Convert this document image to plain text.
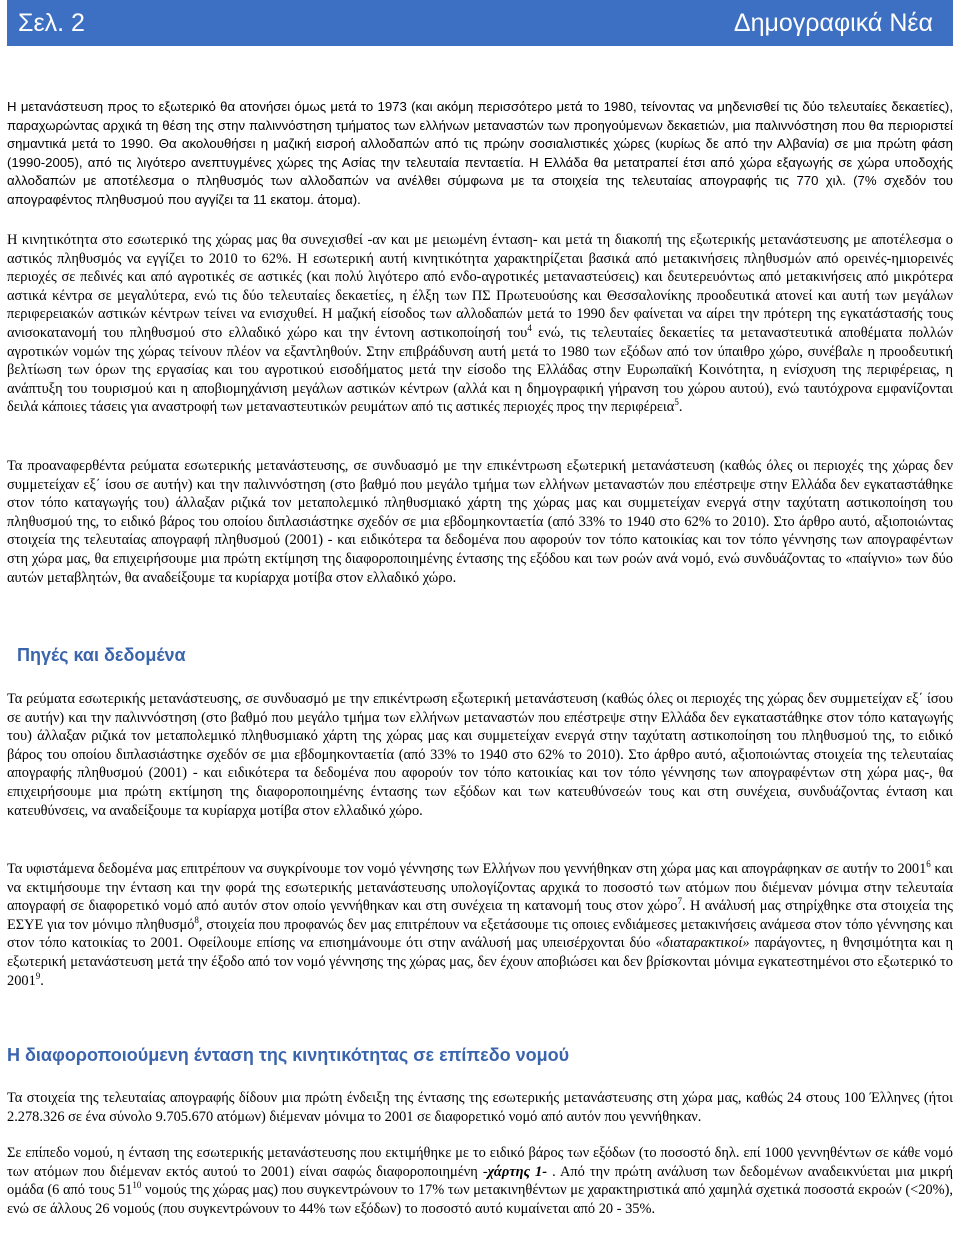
Σελ. 2	Δημογραφικά Νέα

Η μετανάστευση προς το εξωτερικό θα ατονήσει όμως μετά το 1973 (και ακόμη περισσότερο μετά το 1980, τείνοντας να μηδενισθεί τις δύο τελευταίες δεκαετίες), παραχωρώντας αρχικά τη θέση της στην παλιννόστηση τμήματος των ελλήνων μεταναστών των προηγούμενων δεκαετιών, μια παλιννόστηση που θα περιοριστεί σημαντικά μετά το 1990. Θα ακολουθήσει η μαζική εισροή αλλοδαπών από τις πρώην σοσιαλιστικές χώρες (κυρίως δε από την Αλβανία) σε μια πρώτη φάση (1990-2005), από τις λιγότερο ανεπτυγμένες χώρες της Ασίας την τελευταία πενταετία. Η Ελλάδα θα μετατραπεί έτσι από χώρα εξαγωγής σε χώρα υποδοχής αλλοδαπών με αποτέλεσμα ο πληθυσμός των αλλοδαπών να ανέλθει σύμφωνα με τα στοιχεία της τελευταίας απογραφής τις 770 χιλ. (7% σχεδόν του απογραφέντος πληθυσμού που αγγίζει τα 11 εκατομ. άτομα).

Η κινητικότητα στο εσωτερικό της χώρας μας θα συνεχισθεί -αν και με μειωμένη ένταση- και μετά τη διακοπή της εξωτερικής μετανάστευσης με αποτέλεσμα ο αστικός πληθυσμός να εγγίζει το 2010 το 62%. Η εσωτερική αυτή κινητικότητα χαρακτηρίζεται βασικά από μετακινήσεις πληθυσμών από ορεινές-ημιορεινές περιοχές σε πεδινές και από αγροτικές σε αστικές (και πολύ λιγότερο από ενδο-αγροτικές μεταναστεύσεις) και δευτερευόντως από μετακινήσεις από μικρότερα αστικά κέντρα σε μεγαλύτερα, ενώ τις δύο τελευταίες δεκαετίες, η έλξη των ΠΣ Πρωτευούσης και Θεσσαλονίκης προοδευτικά ατονεί και αυτή των μεγάλων περιφερειακών αστικών κέντρων τείνει να ενισχυθεί. Η μαζική είσοδος των αλλοδαπών μετά το 1990 δεν φαίνεται να αίρει την πρότερη της εγκατάστασής τους ανισοκατανομή του πληθυσμού στο ελλαδικό χώρο και την έντονη αστικοποίησή του$^4$ ενώ, τις τελευταίες δεκαετίες τα μεταναστευτικά αποθέματα πολλών αγροτικών νομών της χώρας τείνουν πλέον να εξαντληθούν. Στην επιβράδυνση αυτή μετά το 1980 των εξόδων από τον ύπαιθρο χώρο, συνέβαλε η προοδευτική βελτίωση των όρων της εργασίας και του αγροτικού εισοδήματος μετά την είσοδο της Ελλάδας στην Ευρωπαϊκή Κοινότητα, η ενίσχυση της περιφέρειας, η ανάπτυξη του τουρισμού και η αποβιομηχάνιση μεγάλων αστικών κέντρων (αλλά και η δημογραφική γήρανση του χώρου αυτού), ενώ ταυτόχρονα εμφανίζονται δειλά κάποιες τάσεις για αναστροφή των μεταναστευτικών ρευμάτων από τις αστικές περιοχές προς την περιφέρεια$^5$.

Τα προαναφερθέντα ρεύματα εσωτερικής μετανάστευσης, σε συνδυασμό με την επικέντρωση εξωτερική μετανάστευση (καθώς όλες οι περιοχές της χώρας δεν συμμετείχαν εξ΄ ίσου σε αυτήν) και την παλιννόστηση (στο βαθμό που μεγάλο τμήμα των ελλήνων μεταναστών που επέστρεψε στην Ελλάδα δεν εγκαταστάθηκε στον τόπο καταγωγής του) άλλαξαν ριζικά τον μεταπολεμικό πληθυσμιακό χάρτη της χώρας μας και συμμετείχαν ενεργά στην ταχύτατη αστικοποίηση του πληθυσμού της, το ειδικό βάρος του οποίου διπλασιάστηκε σχεδόν σε μια εβδομηκονταετία (από 33% το 1940 στο 62% το 2010). Στο άρθρο αυτό, αξιοποιώντας στοιχεία της τελευταίας απογραφή πληθυσμού (2001) - και ειδικότερα τα δεδομένα που αφορούν τον τόπο κατοικίας και τον τόπο γέννησης των απογραφέντων στη χώρα μας, θα επιχειρήσουμε μια πρώτη εκτίμηση της διαφοροποιημένης έντασης της εξόδου και των ροών ανά νομό, ενώ συνδυάζοντας το «παίγνιο» των δύο αυτών μεταβλητών, θα αναδείξουμε τα κυρίαρχα μοτίβα στον ελλαδικό χώρο.

Πηγές και δεδομένα

Τα ρεύματα εσωτερικής μετανάστευσης, σε συνδυασμό με την επικέντρωση εξωτερική μετανάστευση (καθώς όλες οι περιοχές της χώρας δεν συμμετείχαν εξ΄ ίσου σε αυτήν) και την παλιννόστηση (στο βαθμό που μεγάλο τμήμα των ελλήνων μεταναστών που επέστρεψε στην Ελλάδα δεν εγκαταστάθηκε στον τόπο καταγωγής του) άλλαξαν ριζικά τον μεταπολεμικό πληθυσμιακό χάρτη της χώρας μας και συμμετείχαν ενεργά στην ταχύτατη αστικοποίηση του πληθυσμού της, το ειδικό βάρος του οποίου διπλασιάστηκε σχεδόν σε μια εβδομηκονταετία (από 33% το 1940 στο 62% το 2010). Στο άρθρο αυτό, αξιοποιώντας στοιχεία της τελευταίας απογραφής πληθυσμού (2001) - και ειδικότερα τα δεδομένα που αφορούν τον τόπο κατοικίας και τον τόπο γέννησης των απογραφέντων στη χώρα μας-, θα επιχειρήσουμε μια πρώτη εκτίμηση της διαφοροποιημένης έντασης των εξόδων και των κατευθύνσεών τους και στη συνέχεια, συνδυάζοντας ένταση και κατευθύνσεις, να αναδείξουμε τα κυρίαρχα μοτίβα στον ελλαδικό χώρο.

Τα υφιστάμενα δεδομένα μας επιτρέπουν να συγκρίνουμε τον νομό γέννησης των Ελλήνων που γεννήθηκαν στη χώρα μας και απογράφηκαν σε αυτήν το 2001$^6$ και να εκτιμήσουμε την ένταση και την φορά της εσωτερικής μετανάστευσης υπολογίζοντας αρχικά το ποσοστό των ατόμων που διέμεναν μόνιμα στην τελευταία απογραφή σε διαφορετικό νομό από αυτόν στον οποίο γεννήθηκαν και στη συνέχεια τη κατανομή τους στον χώρο$^7$. Η ανάλυσή μας στηρίχθηκε στα στοιχεία της ΕΣΥΕ για τον μόνιμο πληθυσμό$^8$, στοιχεία που προφανώς δεν μας επιτρέπουν να εξετάσουμε τις οποιες ενδιάμεσες μετακινήσεις ανάμεσα στον τόπο γέννησης και στον τόπο κατοικίας το 2001. Οφείλουμε επίσης να επισημάνουμε ότι στην ανάλυσή μας υπεισέρχονται δύο «διαταρακτικοί» παράγοντες, η θνησιμότητα και η εξωτερική μετανάστευση μετά την έξοδο από τον νομό γέννησης της χώρας μας, δεν έχουν αποβιώσει και δεν βρίσκονται μόνιμα εγκατεστημένοι στο εξωτερικό το 2001$^9$.

Η διαφοροποιούμενη ένταση της κινητικότητας σε επίπεδο νομού

Τα στοιχεία της τελευταίας απογραφής δίδουν μια πρώτη ένδειξη της έντασης της εσωτερικής μετανάστευσης στη χώρα μας, καθώς 24 στους 100 Έλληνες (ήτοι 2.278.326 σε ένα σύνολο 9.705.670 ατόμων) διέμεναν μόνιμα το 2001 σε διαφορετικό νομό από αυτόν που γεννήθηκαν.

Σε επίπεδο νομού, η ένταση της εσωτερικής μετανάστευσης που εκτιμήθηκε με το ειδικό βάρος των εξόδων (το ποσοστό δηλ. επί 1000 γεννηθέντων σε κάθε νομό των ατόμων που διέμεναν εκτός αυτού το 2001) είναι σαφώς διαφοροποιημένη -χάρτης 1- . Από την πρώτη ανάλυση των δεδομένων αναδεικνύεται μια μικρή ομάδα (6 από τους $51^{10}$ νομούς της χώρας μας) που συγκεντρώνουν το 17% των μετακινηθέντων με χαρακτηριστικά από χαμηλά σχετικά ποσοστά εκροών (<20%), ενώ σε άλλους 26 νομούς (που συγκεντρώνουν το 44% των εξόδων) το ποσοστό αυτό κυμαίνεται από 20 - 35%.
